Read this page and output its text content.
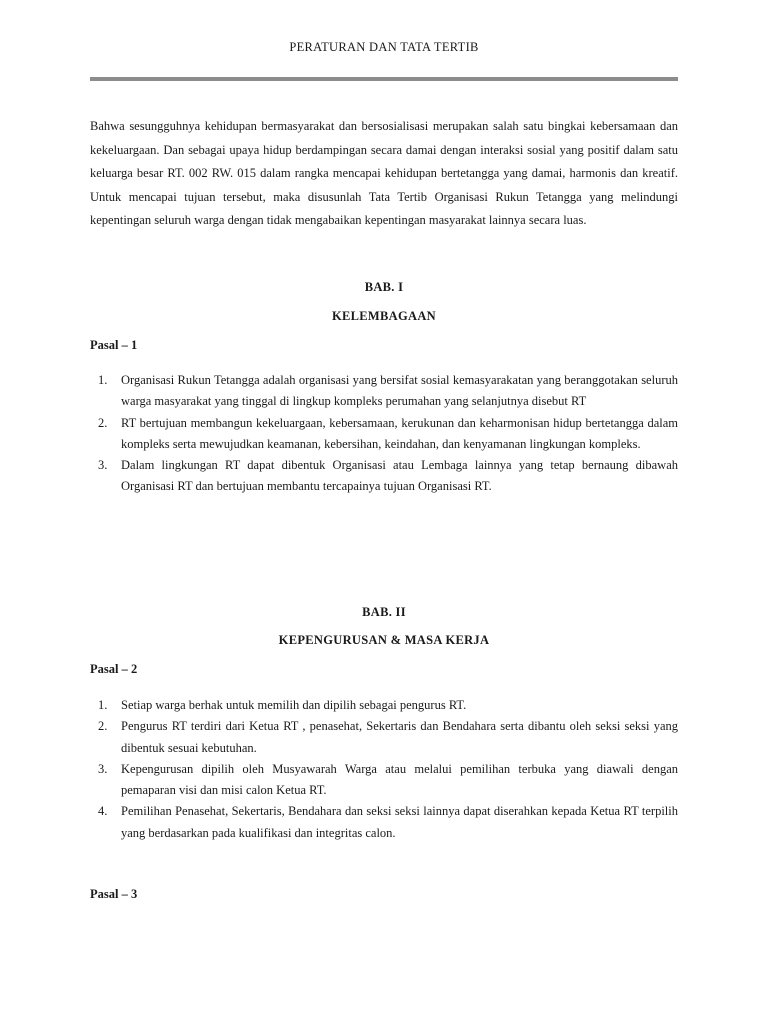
PERATURAN DAN TATA TERTIB
Bahwa sesungguhnya kehidupan bermasyarakat dan bersosialisasi merupakan salah satu bingkai kebersamaan dan kekeluargaan. Dan sebagai upaya hidup berdampingan secara damai dengan interaksi sosial yang positif dalam satu keluarga besar RT. 002 RW. 015 dalam rangka mencapai kehidupan bertetangga yang damai, harmonis dan kreatif. Untuk mencapai tujuan tersebut, maka disusunlah Tata Tertib Organisasi Rukun Tetangga yang melindungi kepentingan seluruh warga dengan tidak mengabaikan kepentingan masyarakat lainnya secara luas.
BAB. I
KELEMBAGAAN
Pasal – 1
1. Organisasi Rukun Tetangga adalah organisasi yang bersifat sosial kemasyarakatan yang beranggotakan seluruh warga masyarakat yang tinggal di lingkup kompleks perumahan yang selanjutnya disebut RT
2. RT bertujuan membangun kekeluargaan, kebersamaan, kerukunan dan keharmonisan hidup bertetangga dalam kompleks serta mewujudkan keamanan, kebersihan, keindahan, dan kenyamanan lingkungan kompleks.
3. Dalam lingkungan RT dapat dibentuk Organisasi atau Lembaga lainnya yang tetap bernaung dibawah Organisasi RT dan bertujuan membantu tercapainya tujuan Organisasi RT.
BAB. II
KEPENGURUSAN & MASA KERJA
Pasal – 2
1. Setiap warga berhak untuk memilih dan dipilih sebagai pengurus RT.
2. Pengurus RT terdiri dari Ketua RT , penasehat, Sekertaris dan Bendahara serta dibantu oleh seksi seksi yang dibentuk sesuai kebutuhan.
3. Kepengurusan dipilih oleh Musyawarah Warga atau melalui pemilihan terbuka yang diawali dengan pemaparan visi dan misi calon Ketua RT.
4. Pemilihan Penasehat, Sekertaris, Bendahara dan seksi seksi lainnya dapat diserahkan kepada Ketua RT terpilih yang berdasarkan pada kualifikasi dan integritas calon.
Pasal – 3
